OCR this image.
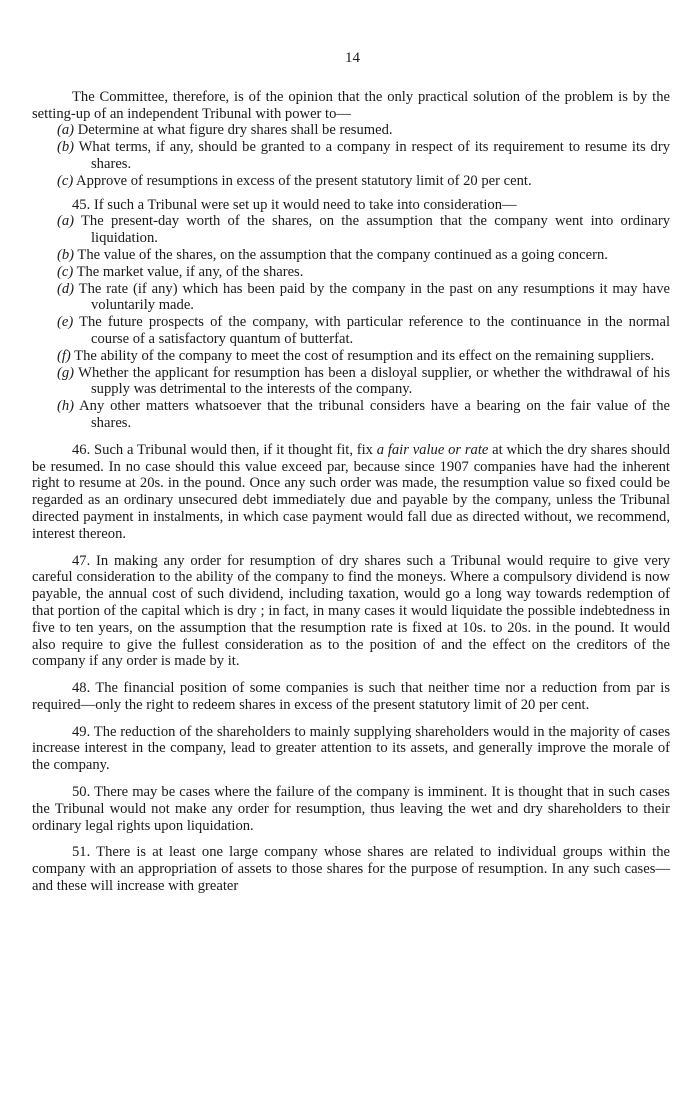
14

The Committee, therefore, is of the opinion that the only practical solution of the problem is by the setting-up of an independent Tribunal with power to—

(a) Determine at what figure dry shares shall be resumed.

(b) What terms, if any, should be granted to a company in respect of its requirement to resume its dry shares.

(c) Approve of resumptions in excess of the present statutory limit of 20 per cent.

45. If such a Tribunal were set up it would need to take into consideration—

(a) The present-day worth of the shares, on the assumption that the company went into ordinary liquidation.

(b) The value of the shares, on the assumption that the company continued as a going concern.

(c) The market value, if any, of the shares.

(d) The rate (if any) which has been paid by the company in the past on any resumptions it may have voluntarily made.

(e) The future prospects of the company, with particular reference to the continuance in the normal course of a satisfactory quantum of butterfat.

(f) The ability of the company to meet the cost of resumption and its effect on the remaining suppliers.

(g) Whether the applicant for resumption has been a disloyal supplier, or whether the withdrawal of his supply was detrimental to the interests of the company.

(h) Any other matters whatsoever that the tribunal considers have a bearing on the fair value of the shares.

46. Such a Tribunal would then, if it thought fit, fix a fair value or rate at which the dry shares should be resumed. In no case should this value exceed par, because since 1907 companies have had the inherent right to resume at 20s. in the pound. Once any such order was made, the resumption value so fixed could be regarded as an ordinary unsecured debt immediately due and payable by the company, unless the Tribunal directed payment in instalments, in which case payment would fall due as directed without, we recommend, interest thereon.

47. In making any order for resumption of dry shares such a Tribunal would require to give very careful consideration to the ability of the company to find the moneys. Where a compulsory dividend is now payable, the annual cost of such dividend, including taxation, would go a long way towards redemption of that portion of the capital which is dry ; in fact, in many cases it would liquidate the possible indebtedness in five to ten years, on the assumption that the resumption rate is fixed at 10s. to 20s. in the pound. It would also require to give the fullest consideration as to the position of and the effect on the creditors of the company if any order is made by it.

48. The financial position of some companies is such that neither time nor a reduction from par is required—only the right to redeem shares in excess of the present statutory limit of 20 per cent.

49. The reduction of the shareholders to mainly supplying shareholders would in the majority of cases increase interest in the company, lead to greater attention to its assets, and generally improve the morale of the company.

50. There may be cases where the failure of the company is imminent. It is thought that in such cases the Tribunal would not make any order for resumption, thus leaving the wet and dry shareholders to their ordinary legal rights upon liquidation.

51. There is at least one large company whose shares are related to individual groups within the company with an appropriation of assets to those shares for the purpose of resumption. In any such cases—and these will increase with greater
